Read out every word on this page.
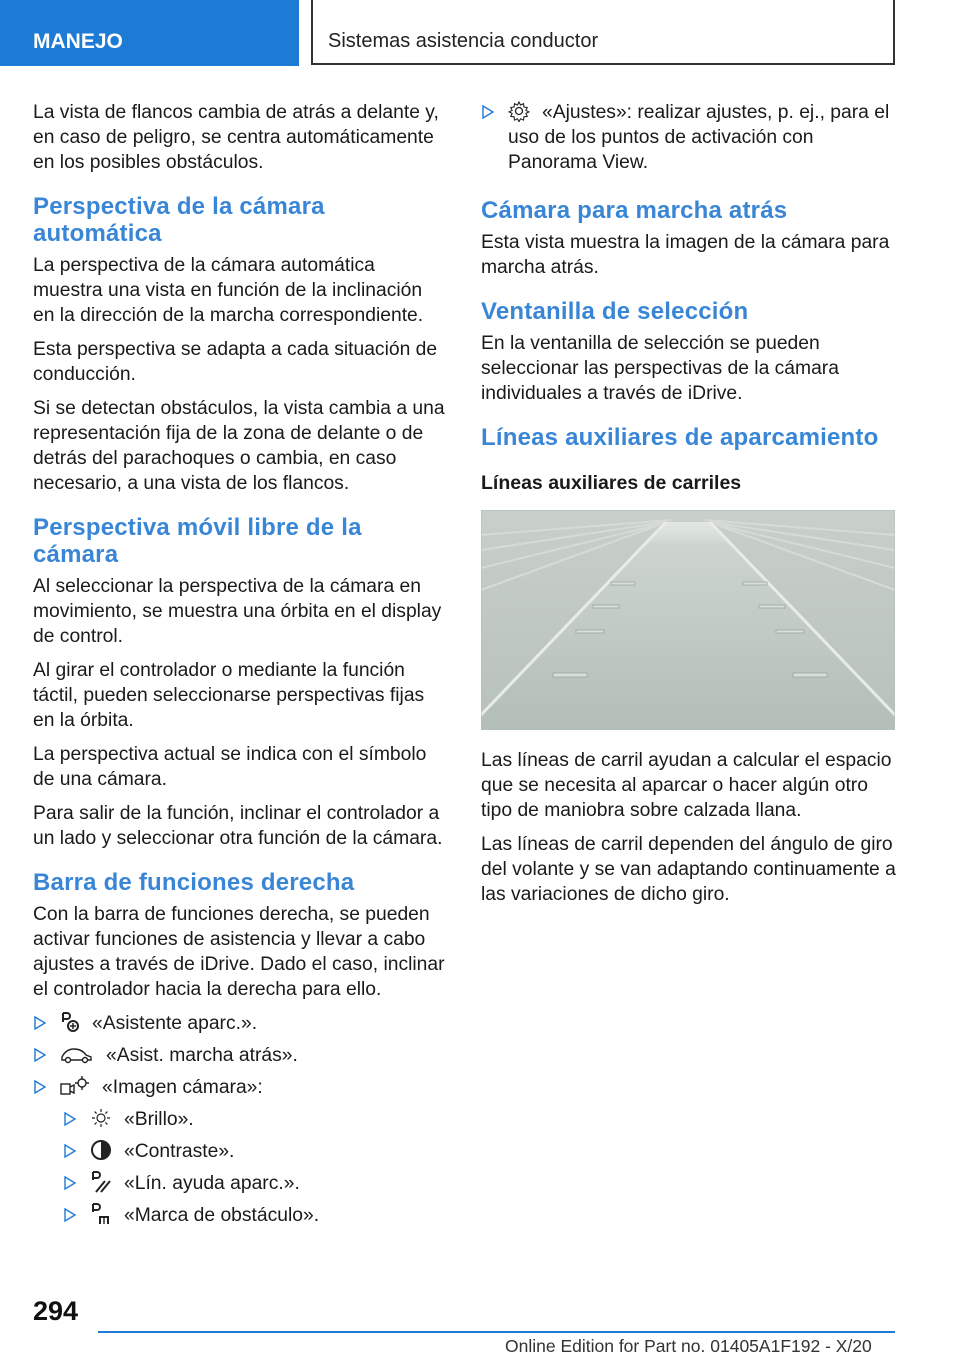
MANEJO	Sistemas asistencia conductor

La vista de flancos cambia de atrás a delante y, en caso de peligro, se centra automáticamente en los posibles obstáculos.

Perspectiva de la cámara automática

La perspectiva de la cámara automática muestra una vista en función de la inclinación en la dirección de la marcha correspondiente.

Esta perspectiva se adapta a cada situación de conducción.

Si se detectan obstáculos, la vista cambia a una representación fija de la zona de delante o de detrás del parachoques o cambia, en caso necesario, a una vista de los flancos.

Perspectiva móvil libre de la cámara

Al seleccionar la perspectiva de la cámara en movimiento, se muestra una órbita en el display de control.

Al girar el controlador o mediante la función táctil, pueden seleccionarse perspectivas fijas en la órbita.

La perspectiva actual se indica con el símbolo de una cámara.

Para salir de la función, inclinar el controlador a un lado y seleccionar otra función de la cámara.

Barra de funciones derecha

Con la barra de funciones derecha, se pueden activar funciones de asistencia y llevar a cabo ajustes a través de iDrive. Dado el caso, inclinar el controlador hacia la derecha para ello.

«Asistente aparc.».
«Asist. marcha atrás».
«Imagen cámara»:
«Brillo».
«Contraste».
«Lín. ayuda aparc.».
«Marca de obstáculo».
«Ajustes»: realizar ajustes, p. ej., para el uso de los puntos de activación con Panorama View.
Cámara para marcha atrás

Esta vista muestra la imagen de la cámara para marcha atrás.

Ventanilla de selección

En la ventanilla de selección se pueden seleccionar las perspectivas de la cámara individuales a través de iDrive.

Líneas auxiliares de aparcamiento
Líneas auxiliares de carriles

Las líneas de carril ayudan a calcular el espacio que se necesita al aparcar o hacer algún otro tipo de maniobra sobre calzada llana.

Las líneas de carril dependen del ángulo de giro del volante y se van adaptando continuamente a las variaciones de dicho giro.

294
Online Edition for Part no. 01405A1F192 - X/20
